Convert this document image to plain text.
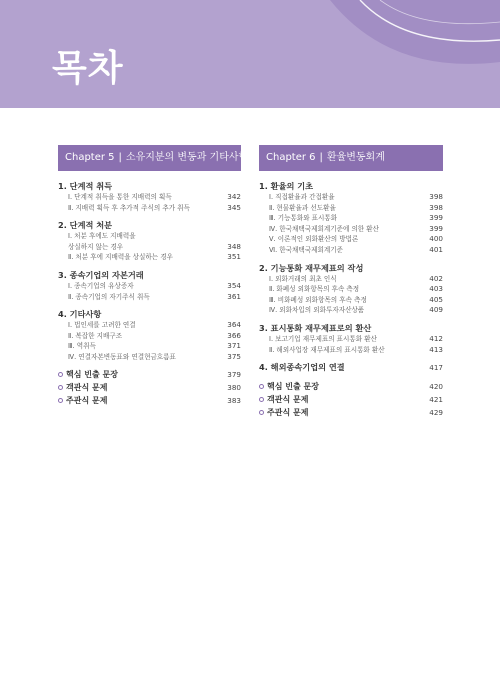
목차
Chapter 5 | 소유지분의 변동과 기타사항
1. 단계적 취득
Ⅰ. 단계적 취득을 통한 지배력의 획득	342
Ⅱ. 지배력 획득 후 추가적 주식의 추가 취득	345
2. 단계적 처분
Ⅰ. 처분 후에도 지배력을
상실하지 않는 경우	348
Ⅱ. 처분 후에 지배력을 상실하는 경우	351
3. 종속기업의 자본거래
Ⅰ. 종속기업의 유상증자	354
Ⅱ. 종속기업의 자기주식 취득	361
4. 기타사항
Ⅰ. 법인세를 고려한 연결	364
Ⅱ. 복잡한 지배구조	366
Ⅲ. 역취득	371
Ⅳ. 연결자본변동표와 연결현금흐름표	375
핵심 빈출 문장	379
객관식 문제	380
주관식 문제	383
Chapter 6 | 환율변동회계
1. 환율의 기초
Ⅰ. 직접환율과 간접환율	398
Ⅱ. 현물환율과 선도환율	398
Ⅲ. 기능통화와 표시통화	399
Ⅳ. 한국채택국제회계기준에 의한 환산	399
Ⅴ. 이론적인 외화환산의 방법론	400
Ⅵ. 한국채택국제회계기준	401
2. 기능통화 재무제표의 작성
Ⅰ. 외화거래의 최초 인식	402
Ⅱ. 화폐성 외화항목의 후속 측정	403
Ⅲ. 비화폐성 외화항목의 후속 측정	405
Ⅳ. 외화차입의 외화투자자산상품	409
3. 표시통화 재무제표로의 환산
Ⅰ. 보고기업 재무제표의 표시통화 환산	412
Ⅱ. 해외사업장 재무제표의 표시통화 환산	413
4. 해외종속기업의 연결	417
핵심 빈출 문장	420
객관식 문제	421
주관식 문제	429
